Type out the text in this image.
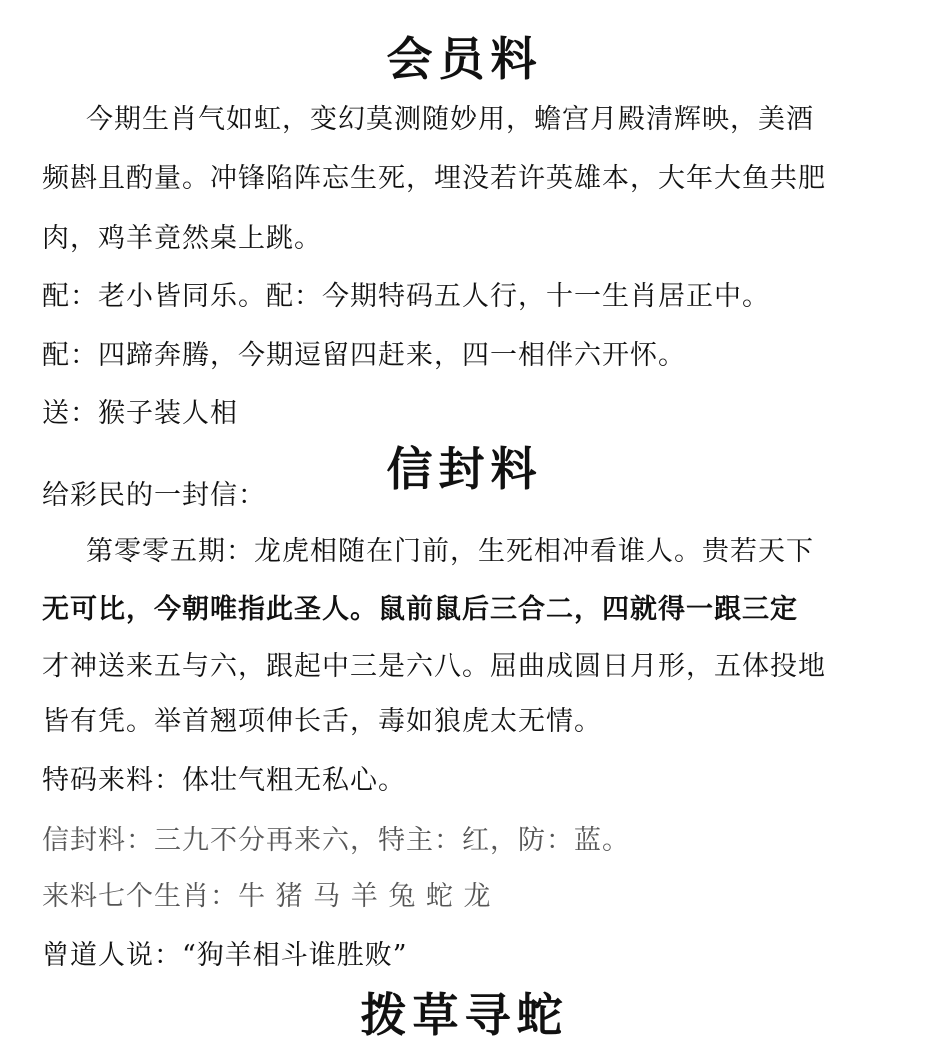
会员料
今期生肖气如虹，变幻莫测随妙用，蟾宫月殿清辉映，美酒
频斟且酌量。冲锋陷阵忘生死，埋没若许英雄本，大年大鱼共肥
肉，鸡羊竟然桌上跳。
配：老小皆同乐。配：今期特码五人行，十一生肖居正中。
配：四蹄奔腾，今期逗留四赶来，四一相伴六开怀。
送：猴子装人相
信封料
给彩民的一封信：
第零零五期：龙虎相随在门前，生死相冲看谁人。贵若天下
无可比，今朝唯指此圣人。鼠前鼠后三合二，四就得一跟三定
才神送来五与六，跟起中三是六八。屈曲成圆日月形，五体投地
皆有凭。举首翘项伸长舌，毒如狼虎太无情。
特码来料：体壮气粗无私心。
信封料：三九不分再来六，特主：红，防：蓝。
来料七个生肖：牛 猪 马 羊 兔 蛇 龙
曾道人说：“狗羊相斗谁胜败”
拨草寻蛇
